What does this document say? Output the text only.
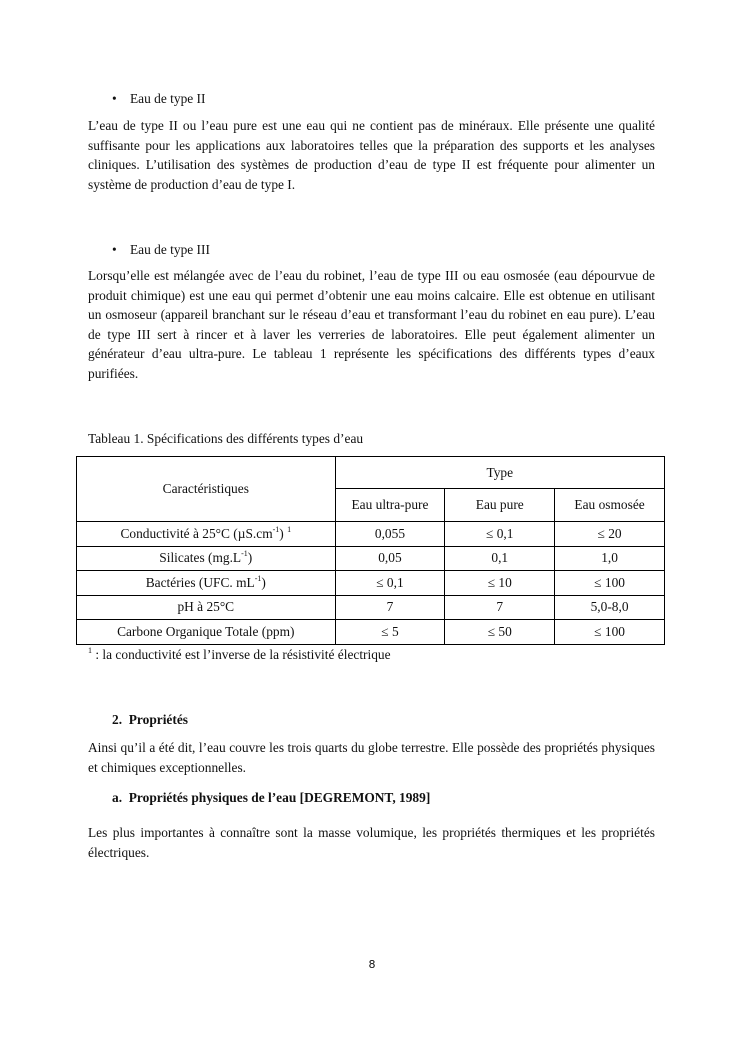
• Eau de type II

L’eau de type II ou l’eau pure est une eau qui ne contient pas de minéraux. Elle présente une qualité suffisante pour les applications aux laboratoires telles que la préparation des supports et les analyses cliniques. L’utilisation des systèmes de production d’eau de type II est fréquente pour alimenter un système de production d’eau de type I.

• Eau de type III

Lorsqu’elle est mélangée avec de l’eau du robinet, l’eau de type III ou eau osmosée (eau dépourvue de produit chimique) est une eau qui permet d’obtenir une eau moins calcaire. Elle est obtenue en utilisant un osmoseur (appareil branchant sur le réseau d’eau et transformant l’eau du robinet en eau pure). L’eau de type III sert à rincer et à laver les verreries de laboratoires. Elle peut également alimenter un générateur d’eau ultra-pure. Le tableau 1 représente les spécifications des différents types d’eaux purifiées.

Tableau 1. Spécifications des différents types d’eau
Caractéristiques	Type		
	Eau ultra-pure	Eau pure	Eau osmosée
Conductivité à 25°C $(\mu S.cm^{-1})$ $^1$	0,055	≤ 0,1	≤ 20
Silicates $(mg.L^{-1})$	0,05	0,1	1,0
Bactéries (UFC. $mL^{-1}$)	≤ 0,1	≤ 10	≤ 100
pH à 25°C	7	7	5,0-8,0
Carbone Organique Totale (ppm)	≤ 5	≤ 50	≤ 100
$^1$ : la conductivité est l’inverse de la résistivité électrique
2. Propriétés

Ainsi qu’il a été dit, l’eau couvre les trois quarts du globe terrestre. Elle possède des propriétés physiques et chimiques exceptionnelles.

a. Propriétés physiques de l’eau [DEGREMONT, 1989]

Les plus importantes à connaître sont la masse volumique, les propriétés thermiques et les propriétés électriques.

8
